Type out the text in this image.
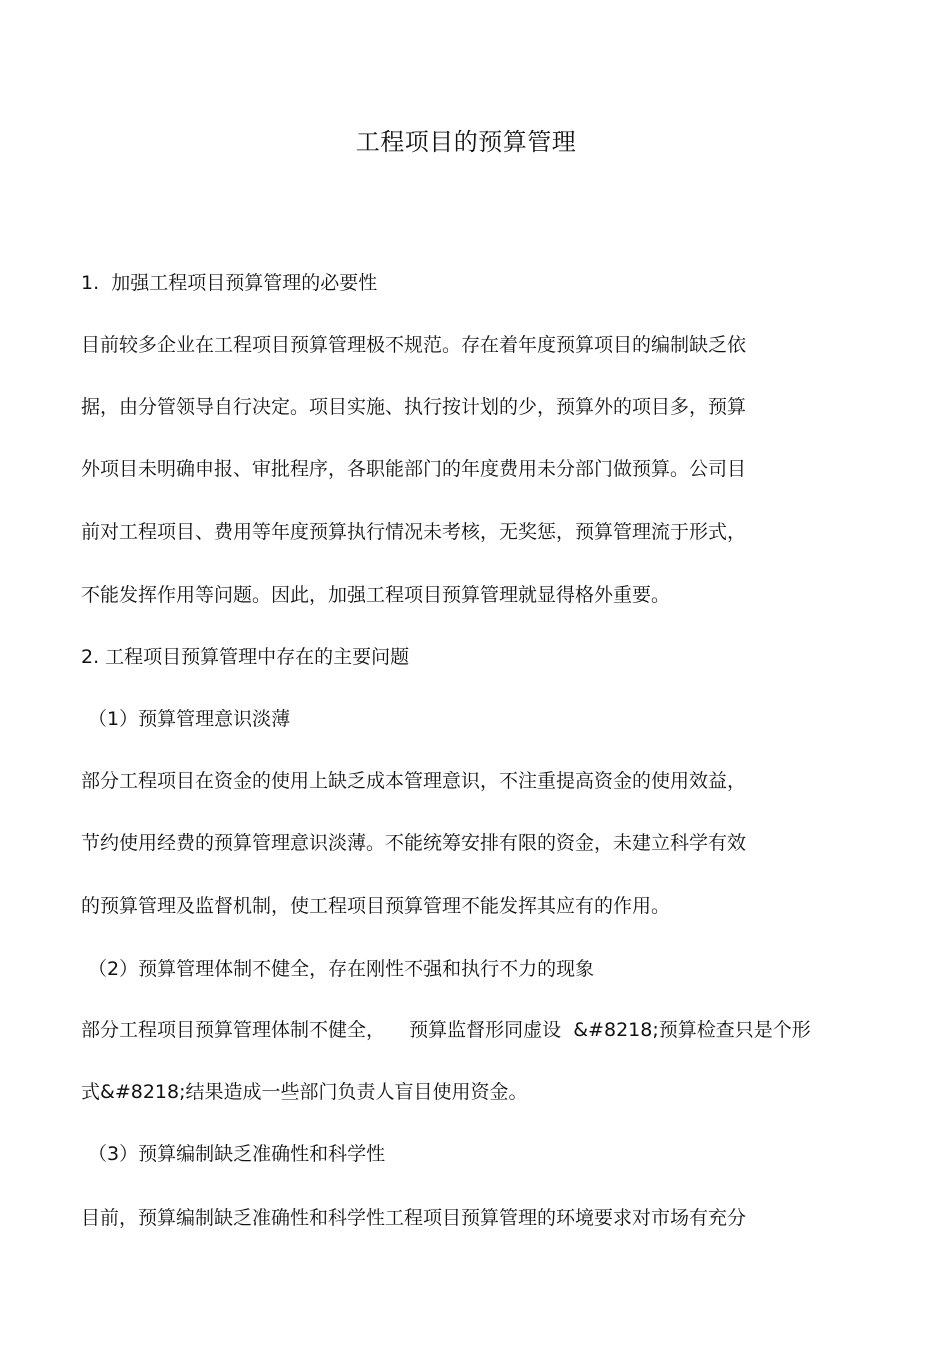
工程项目的预算管理

1.  加强工程项目预算管理的必要性

目前较多企业在工程项目预算管理极不规范。存在着年度预算项目的编制缺乏依

据，由分管领导自行决定。项目实施、执行按计划的少，预算外的项目多，预算

外项目未明确申报、审批程序，各职能部门的年度费用未分部门做预算。公司目

前对工程项目、费用等年度预算执行情况未考核，无奖惩，预算管理流于形式，

不能发挥作用等问题。因此，加强工程项目预算管理就显得格外重要。

2. 工程项目预算管理中存在的主要问题

（1）预算管理意识淡薄

部分工程项目在资金的使用上缺乏成本管理意识，不注重提高资金的使用效益，

节约使用经费的预算管理意识淡薄。不能统筹安排有限的资金，未建立科学有效

的预算管理及监督机制，使工程项目预算管理不能发挥其应有的作用。

（2）预算管理体制不健全，存在刚性不强和执行不力的现象

部分工程项目预算管理体制不健全，    预算监督形同虚设  &#8218;预算检查只是个形

式&#8218;结果造成一些部门负责人盲目使用资金。

（3）预算编制缺乏准确性和科学性

目前，预算编制缺乏准确性和科学性工程项目预算管理的环境要求对市场有充分
